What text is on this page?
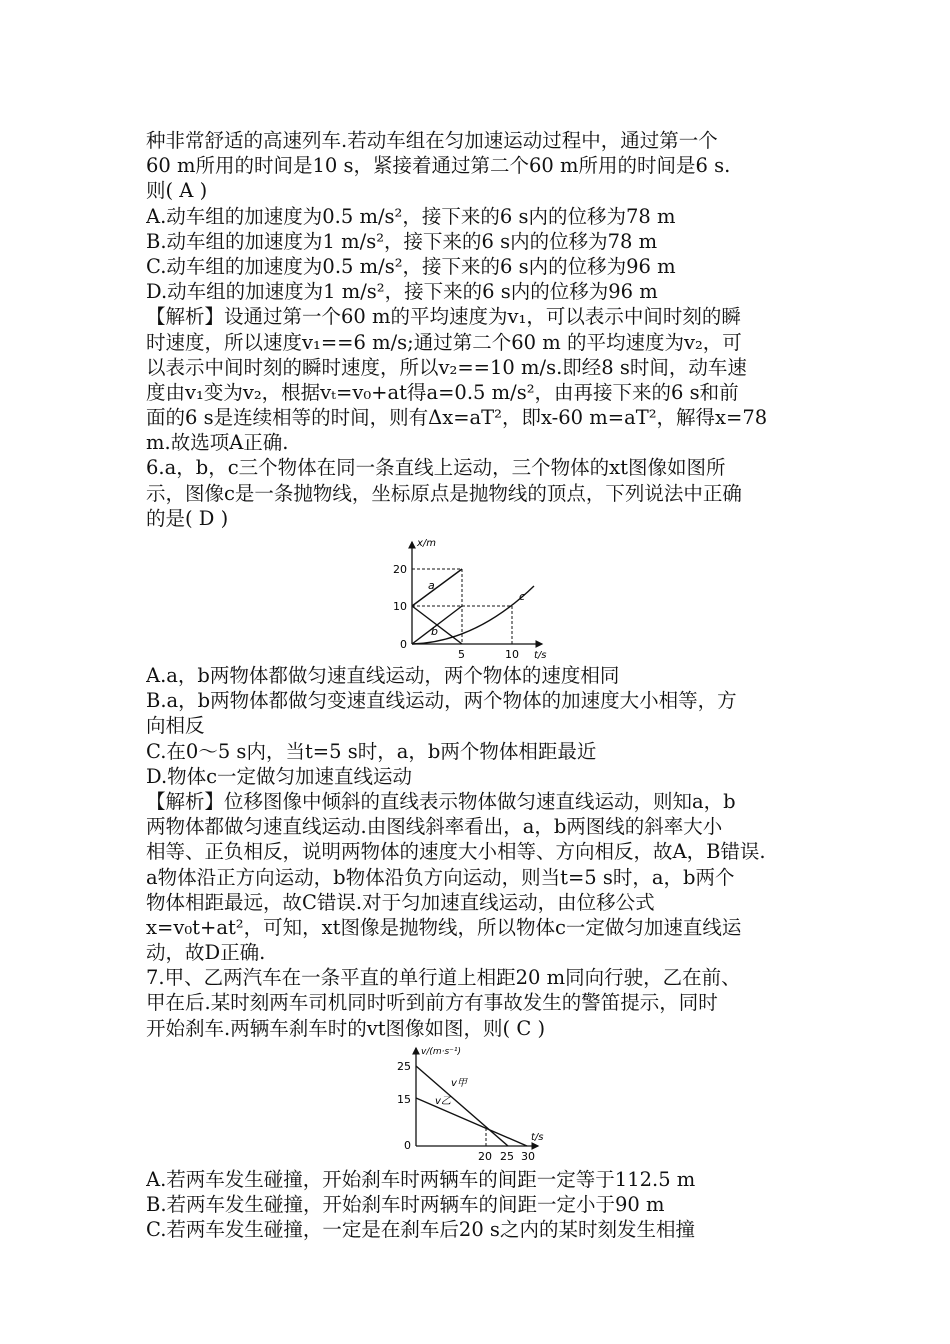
种非常舒适的高速列车.若动车组在匀加速运动过程中，通过第一个
60 m所用的时间是10 s，紧接着通过第二个60 m所用的时间是6 s.
则( A )
A.动车组的加速度为0.5 m/s²，接下来的6 s内的位移为78 m
B.动车组的加速度为1 m/s²，接下来的6 s内的位移为78 m
C.动车组的加速度为0.5 m/s²，接下来的6 s内的位移为96 m
D.动车组的加速度为1 m/s²，接下来的6 s内的位移为96 m
【解析】设通过第一个60 m的平均速度为v₁，可以表示中间时刻的瞬
时速度，所以速度v₁==6 m/s;通过第二个60 m 的平均速度为v₂，可
以表示中间时刻的瞬时速度，所以v₂==10 m/s.即经8 s时间，动车速
度由v₁变为v₂，根据vₜ=v₀+at得a=0.5 m/s²，由再接下来的6 s和前
面的6 s是连续相等的时间，则有Δx=aT²，即x-60 m=aT²，解得x=78
m.故选项A正确.
6.a，b，c三个物体在同一条直线上运动，三个物体的xt图像如图所
示，图像c是一条抛物线，坐标原点是抛物线的顶点，下列说法中正确
的是( D )
x/m
t/s
20
10
0
5	10
a
b
c
A.a，b两物体都做匀速直线运动，两个物体的速度相同
B.a，b两物体都做匀变速直线运动，两个物体的加速度大小相等，方
向相反
C.在0～5 s内，当t=5 s时，a，b两个物体相距最近
D.物体c一定做匀加速直线运动
【解析】位移图像中倾斜的直线表示物体做匀速直线运动，则知a，b
两物体都做匀速直线运动.由图线斜率看出，a，b两图线的斜率大小
相等、正负相反，说明两物体的速度大小相等、方向相反，故A，B错误.
a物体沿正方向运动，b物体沿负方向运动，则当t=5 s时，a，b两个
物体相距最远，故C错误.对于匀加速直线运动，由位移公式
x=v₀t+at²，可知，xt图像是抛物线，所以物体c一定做匀加速直线运
动，故D正确.
7.甲、乙两汽车在一条平直的单行道上相距20 m同向行驶，乙在前、
甲在后.某时刻两车司机同时听到前方有事故发生的警笛提示，同时
开始刹车.两辆车刹车时的vt图像如图，则( C )
v/(m·s⁻¹)
t/s
25
15
0
20 25 30
v甲
v乙
A.若两车发生碰撞，开始刹车时两辆车的间距一定等于112.5 m
B.若两车发生碰撞，开始刹车时两辆车的间距一定小于90 m
C.若两车发生碰撞，一定是在刹车后20 s之内的某时刻发生相撞
